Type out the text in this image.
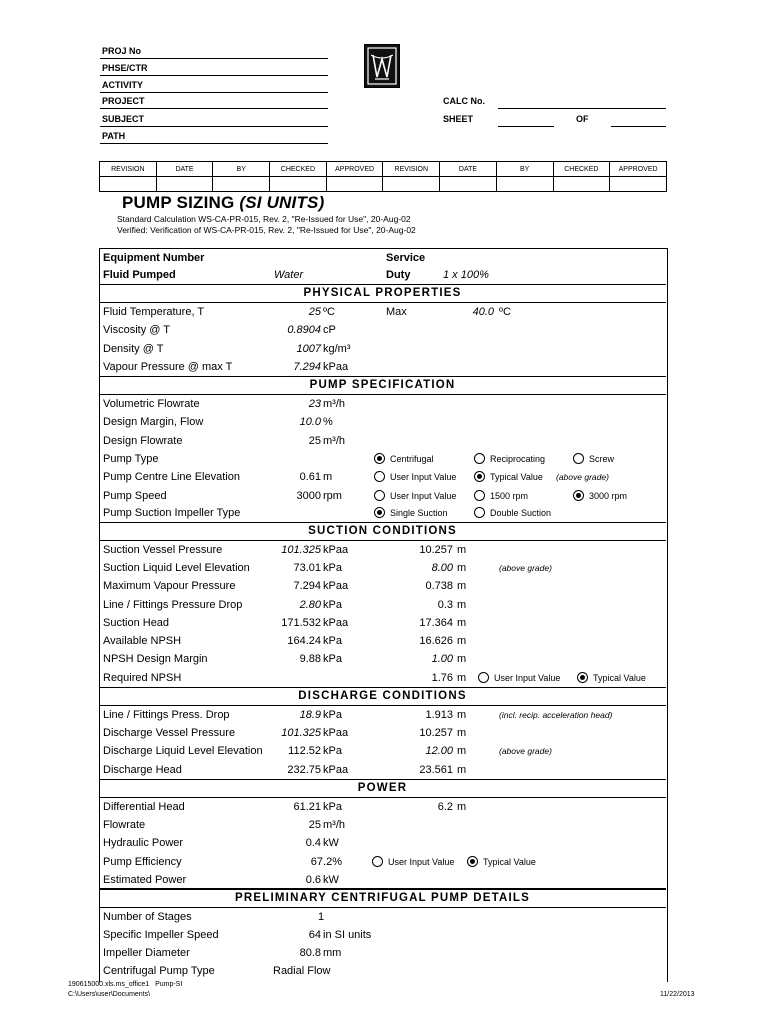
PROJ No
PHSE/CTR
ACTIVITY
PROJECT
SUBJECT
PATH
CALC No.
SHEET	OF
REVISION	DATE	BY	CHECKED	APPROVED	REVISION	DATE	BY	CHECKED	APPROVED

PUMP SIZING (SI UNITS)
Standard Calculation WS-CA-PR-015, Rev. 2, "Re-Issued for Use", 20-Aug-02
Verified: Verification of WS-CA-PR-015, Rev. 2, "Re-Issued for Use", 20-Aug-02
Equipment Number	Service
Fluid Pumped	Water	Duty	1 x 100%
PHYSICAL PROPERTIES
Fluid Temperature, T	25 ºC	Max	40.0 ºC
Viscosity @ T	0.8904 cP
Density @ T	1007 kg/m³
Vapour Pressure @ max T	7.294 kPaa
PUMP SPECIFICATION
Volumetric Flowrate	23 m³/h
Design Margin, Flow	10.0 %
Design Flowrate	25 m³/h
Pump Type	Centrifugal	Reciprocating	Screw
Pump Centre Line Elevation	0.61 m	User Input Value	Typical Value (above grade)
Pump Speed	3000 rpm	User Input Value	1500 rpm	3000 rpm
Pump Suction Impeller Type	Single Suction	Double Suction
SUCTION CONDITIONS
Suction Vessel Pressure	101.325 kPaa	10.257 m
Suction Liquid Level Elevation	73.01 kPa	8.00 m	(above grade)
Maximum Vapour Pressure	7.294 kPaa	0.738 m
Line / Fittings Pressure Drop	2.80 kPa	0.3 m
Suction Head	171.532 kPaa	17.364 m
Available NPSH	164.24 kPa	16.626 m
NPSH Design Margin	9.88 kPa	1.00 m
Required NPSH	1.76 m	User Input Value	Typical Value
DISCHARGE CONDITIONS
Line / Fittings Press. Drop	18.9 kPa	1.913 m	(incl. recip. acceleration head)
Discharge Vessel Pressure	101.325 kPaa	10.257 m
Discharge Liquid Level Elevation 112.52 kPa	12.00 m	(above grade)
Discharge Head	232.75 kPaa	23.561 m
POWER
Differential Head	61.21 kPa	6.2 m
Flowrate	25 m³/h
Hydraulic Power	0.4 kW
Pump Efficiency	67.2%	User Input Value	Typical Value
Estimated Power	0.6 kW
PRELIMINARY CENTRIFUGAL PUMP DETAILS
Number of Stages	1
Specific Impeller Speed	64 in SI units
Impeller Diameter	80.8 mm
Centrifugal Pump Type	Radial Flow
190615000.xls.ms_office1 Pump-SI
C:\Users\user\Documents\	11/22/2013
